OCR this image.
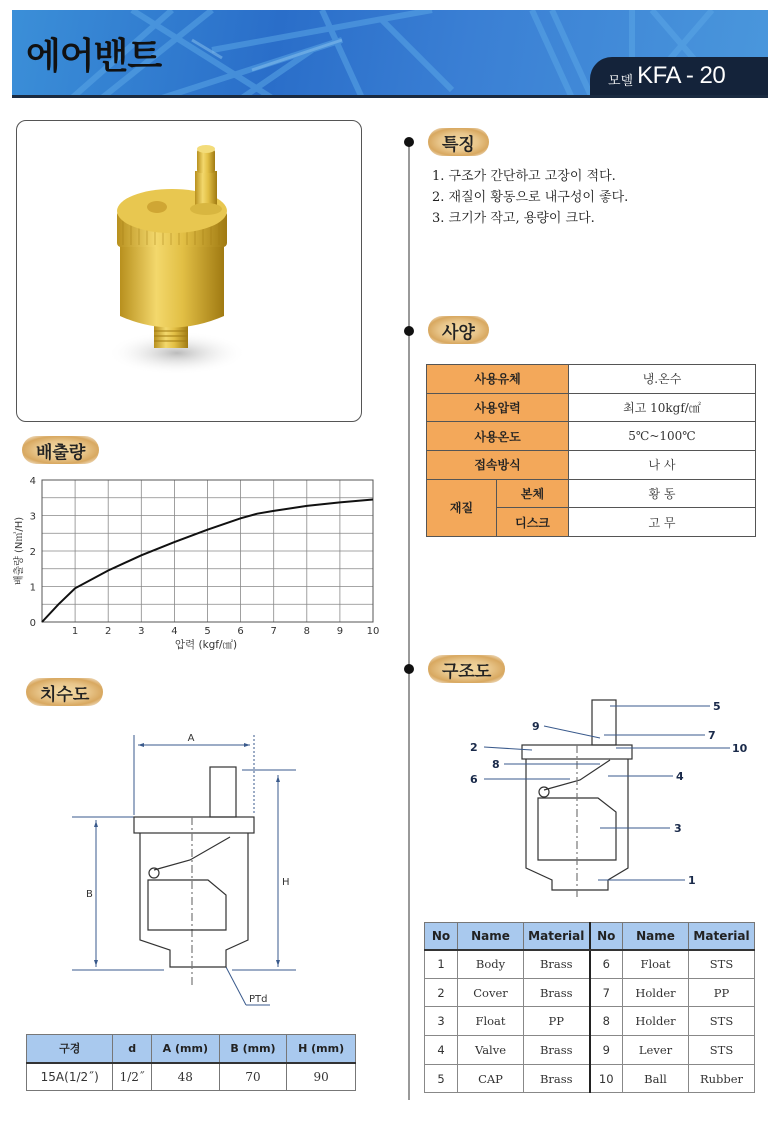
에어밴트
모델 KFA - 20
배출량
1	2	3	4	5	6	7	8	9 10
0
1
2
3
4
압력 (kgf/㎠)
배출량 (N㎥/H)
치수도
A
B
H
PTd
구경	d	A (mm)	B (mm)	H (mm)
15A(1/2˝)	1/2˝	48	70	90
특징
1. 구조가 간단하고 고장이 적다.
2. 재질이 황동으로 내구성이 좋다.
3. 크기가 작고, 용량이 크다.
사양
사용유체		냉.온수
사용압력		최고 10kgf/㎠
사용온도		5℃~100℃
접속방식		나 사
재질	본체	황 동
	디스크	고 무
구조도
5
9
7
2	10
8
6	4
3
1
No	Name	Material	No	Name	Material
1	Body	Brass	6	Float	STS
2	Cover	Brass	7	Holder	PP
3	Float	PP	8	Holder	STS
4	Valve	Brass	9	Lever	STS
5	CAP	Brass	10	Ball	Rubber
